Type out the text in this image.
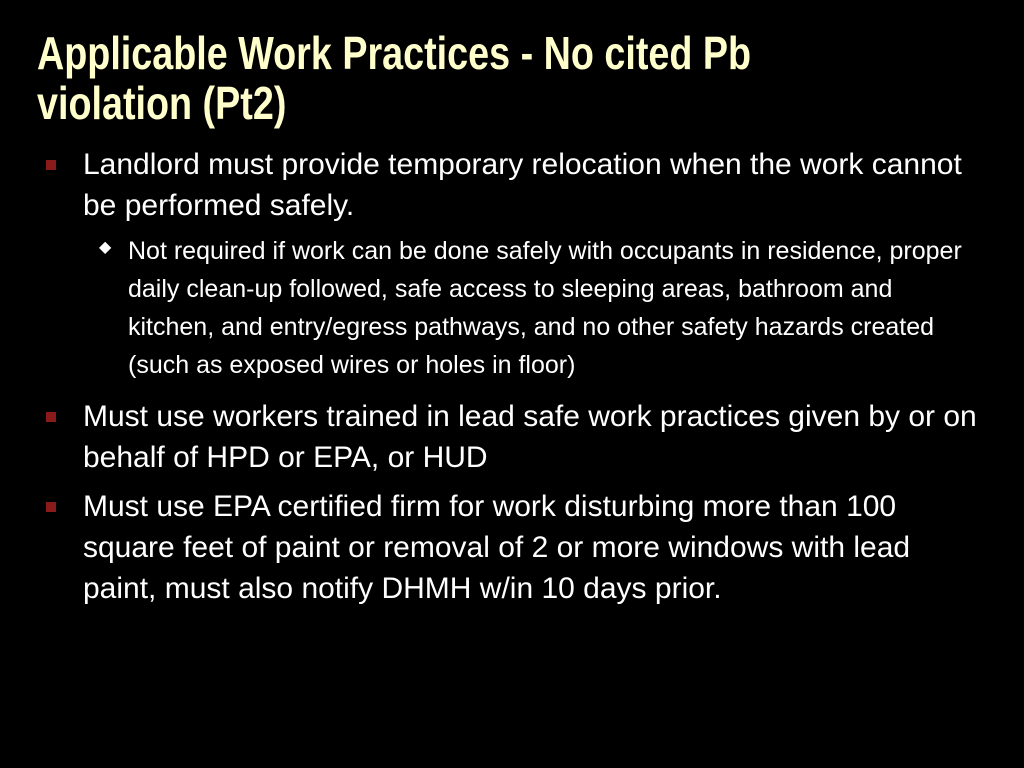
Applicable Work Practices - No cited Pb
violation (Pt2)

Landlord must provide temporary relocation when the work cannot be performed safely.

◆ Not required if work can be done safely with occupants in residence, proper daily clean-up followed, safe access to sleeping areas, bathroom and kitchen, and entry/egress pathways, and no other safety hazards created (such as exposed wires or holes in floor)

Must use workers trained in lead safe work practices given by or on behalf of HPD or EPA, or HUD

Must use EPA certified firm for work disturbing more than 100 square feet of paint or removal of 2 or more windows with lead paint, must also notify DHMH w/in 10 days prior.
